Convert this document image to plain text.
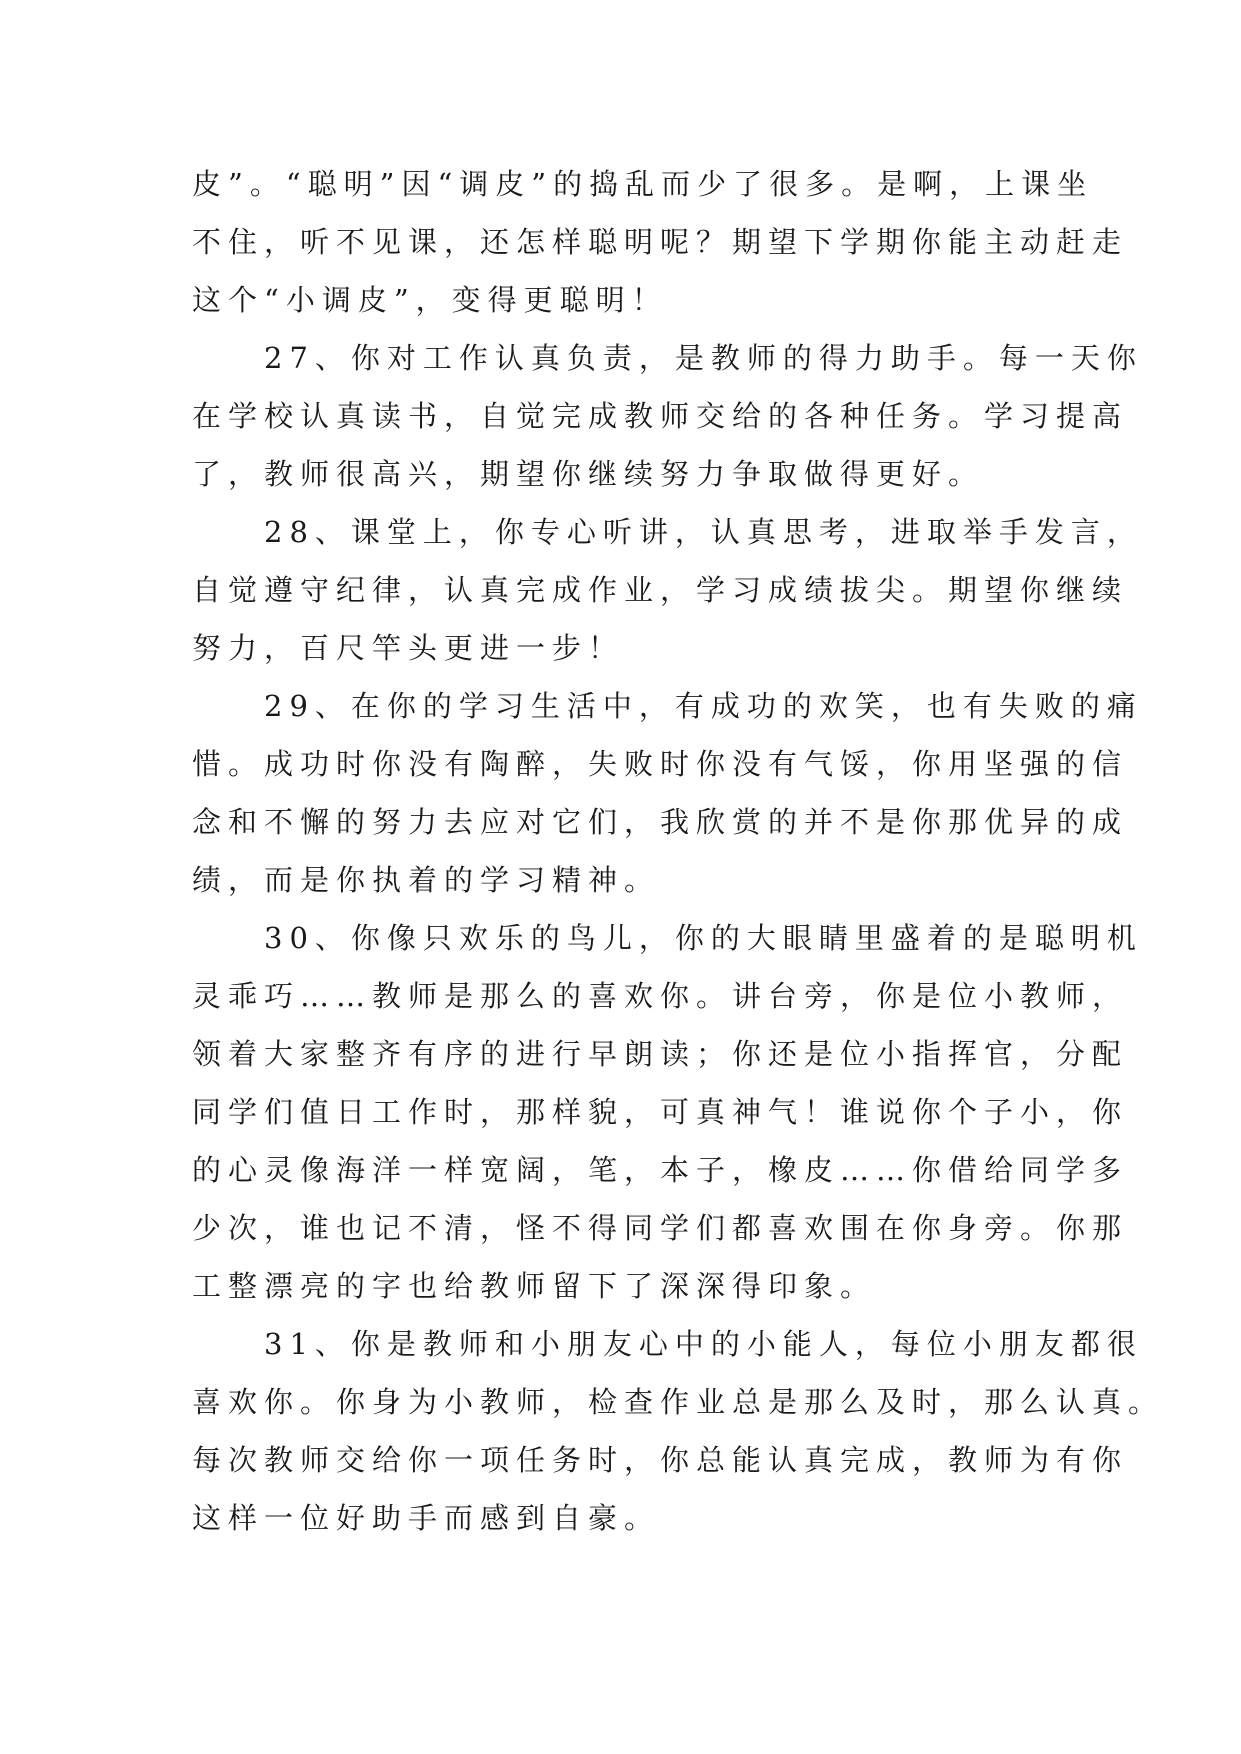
皮”。“聪明”因“调皮”的捣乱而少了很多。是啊，上课坐
不住，听不见课，还怎样聪明呢？期望下学期你能主动赶走
这个“小调皮”，变得更聪明！
　　27、你对工作认真负责，是教师的得力助手。每一天你
在学校认真读书，自觉完成教师交给的各种任务。学习提高
了，教师很高兴，期望你继续努力争取做得更好。
　　28、课堂上，你专心听讲，认真思考，进取举手发言，
自觉遵守纪律，认真完成作业，学习成绩拔尖。期望你继续
努力，百尺竿头更进一步！
　　29、在你的学习生活中，有成功的欢笑，也有失败的痛
惜。成功时你没有陶醉，失败时你没有气馁，你用坚强的信
念和不懈的努力去应对它们，我欣赏的并不是你那优异的成
绩，而是你执着的学习精神。
　　30、你像只欢乐的鸟儿，你的大眼睛里盛着的是聪明机
灵乖巧……教师是那么的喜欢你。讲台旁，你是位小教师，
领着大家整齐有序的进行早朗读；你还是位小指挥官，分配
同学们值日工作时，那样貌，可真神气！谁说你个子小，你
的心灵像海洋一样宽阔，笔，本子，橡皮……你借给同学多
少次，谁也记不清，怪不得同学们都喜欢围在你身旁。你那
工整漂亮的字也给教师留下了深深得印象。
　　31、你是教师和小朋友心中的小能人，每位小朋友都很
喜欢你。你身为小教师，检查作业总是那么及时，那么认真。
每次教师交给你一项任务时，你总能认真完成，教师为有你
这样一位好助手而感到自豪。
